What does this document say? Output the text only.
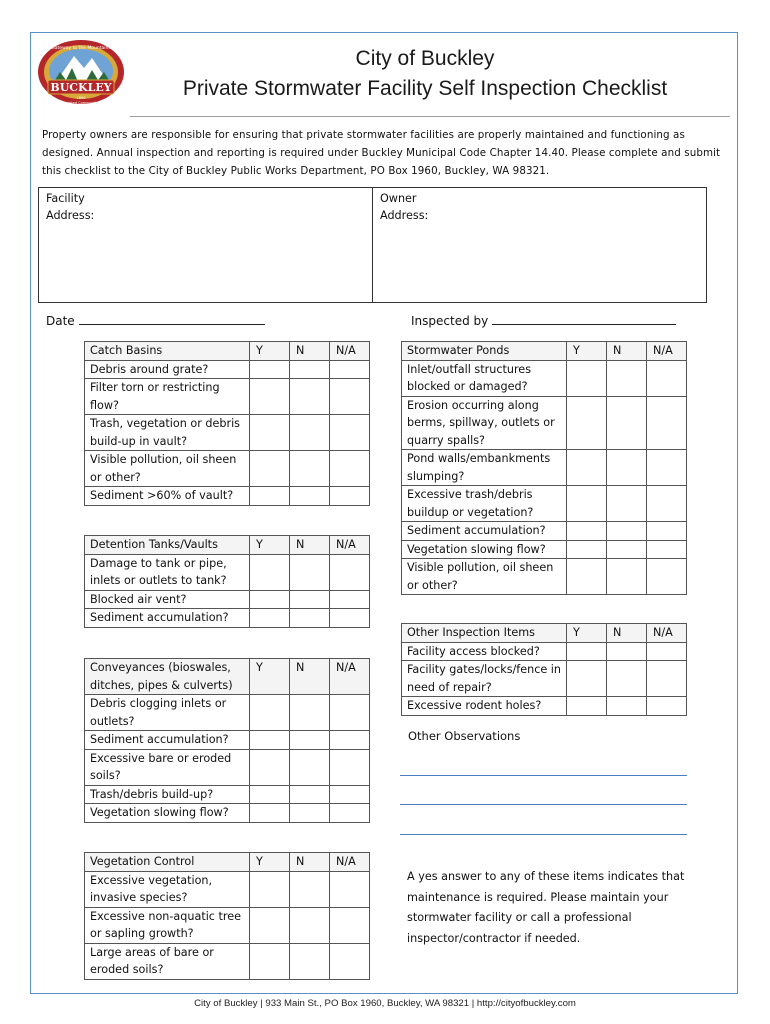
BUCKLEY
Gateway to the Mountains
1890
Spirited Community
City of Buckley
Private Stormwater Facility Self Inspection Checklist
Property owners are responsible for ensuring that private stormwater facilities are properly maintained and functioning as designed. Annual inspection and reporting is required under Buckley Municipal Code Chapter 14.40. Please complete and submit this checklist to the City of Buckley Public Works Department, PO Box 1960, Buckley, WA 98321.
Facility
Address:
Owner
Address:
Date	Inspected by
Catch Basins	Y	N	N/A
Debris around grate?			
Filter torn or restricting flow?			
Trash, vegetation or debris build-up in vault?			
Visible pollution, oil sheen or other?			
Sediment >60% of vault?			
Detention Tanks/Vaults	Y	N	N/A
Damage to tank or pipe, inlets or outlets to tank?			
Blocked air vent?			
Sediment accumulation?			
Conveyances (bioswales, ditches, pipes & culverts)	Y	N	N/A
Debris clogging inlets or outlets?			
Sediment accumulation?			
Excessive bare or eroded soils?			
Trash/debris build-up?			
Vegetation slowing flow?			
Vegetation Control	Y	N	N/A
Excessive vegetation, invasive species?			
Excessive non-aquatic tree or sapling growth?			
Large areas of bare or eroded soils?			
Stormwater Ponds	Y	N	N/A
Inlet/outfall structures blocked or damaged?			
Erosion occurring along berms, spillway, outlets or quarry spalls?			
Pond walls/embankments slumping?			
Excessive trash/debris buildup or vegetation?			
Sediment accumulation?			
Vegetation slowing flow?			
Visible pollution, oil sheen or other?			
Other Inspection Items	Y	N	N/A
Facility access blocked?			
Facility gates/locks/fence in need of repair?			
Excessive rodent holes?			
Other Observations
A yes answer to any of these items indicates that maintenance is required. Please maintain your stormwater facility or call a professional inspector/contractor if needed.
City of Buckley | 933 Main St., PO Box 1960, Buckley, WA 98321 | http://cityofbuckley.com
